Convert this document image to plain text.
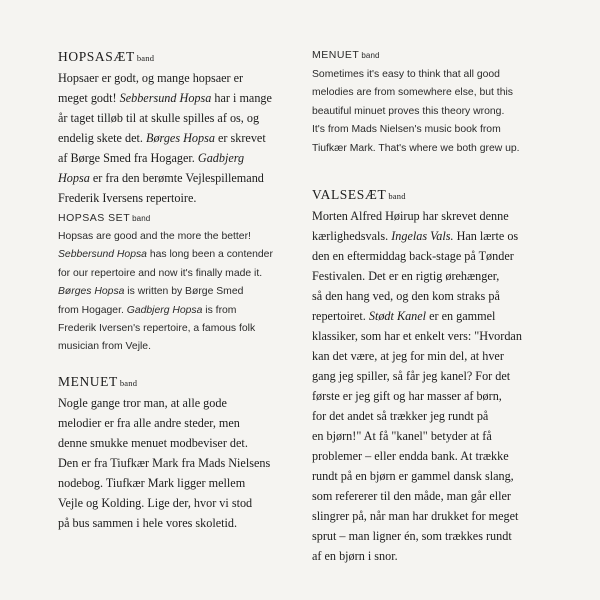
HOPSASÆT band
Hopsaer er godt, og mange hopsaer er
meget godt! Sebbersund Hopsa har i mange
år taget tilløb til at skulle spilles af os, og
endelig skete det. Børges Hopsa er skrevet
af Børge Smed fra Hogager. Gadbjerg
Hopsa er fra den berømte Vejlespillemand
Frederik Iversens repertoire.
HOPSAS SET band
Hopsas are good and the more the better!
Sebbersund Hopsa has long been a contender
for our repertoire and now it's finally made it.
Børges Hopsa is written by Børge Smed
from Hogager. Gadbjerg Hopsa is from
Frederik Iversen's repertoire, a famous folk
musician from Vejle.
MENUET band
Nogle gange tror man, at alle gode
melodier er fra alle andre steder, men
denne smukke menuet modbeviser det.
Den er fra Tiufkær Mark fra Mads Nielsens
nodebog. Tiufkær Mark ligger mellem
Vejle og Kolding. Lige der, hvor vi stod
på bus sammen i hele vores skoletid.
MENUET band
Sometimes it's easy to think that all good
melodies are from somewhere else, but this
beautiful minuet proves this theory wrong.
It's from Mads Nielsen's music book from
Tiufkær Mark. That's where we both grew up.
VALSESÆT band
Morten Alfred Høirup har skrevet denne
kærlighedsvals. Ingelas Vals. Han lærte os
den en eftermiddag back-stage på Tønder
Festivalen. Det er en rigtig ørehænger,
så den hang ved, og den kom straks på
repertoiret. Stødt Kanel er en gammel
klassiker, som har et enkelt vers: "Hvordan
kan det være, at jeg for min del, at hver
gang jeg spiller, så får jeg kanel? For det
første er jeg gift og har masser af børn,
for det andet så trækker jeg rundt på
en bjørn!" At få "kanel" betyder at få
problemer – eller endda bank. At trække
rundt på en bjørn er gammel dansk slang,
som refererer til den måde, man går eller
slingrer på, når man har drukket for meget
sprut – man ligner én, som trækkes rundt
af en bjørn i snor.
